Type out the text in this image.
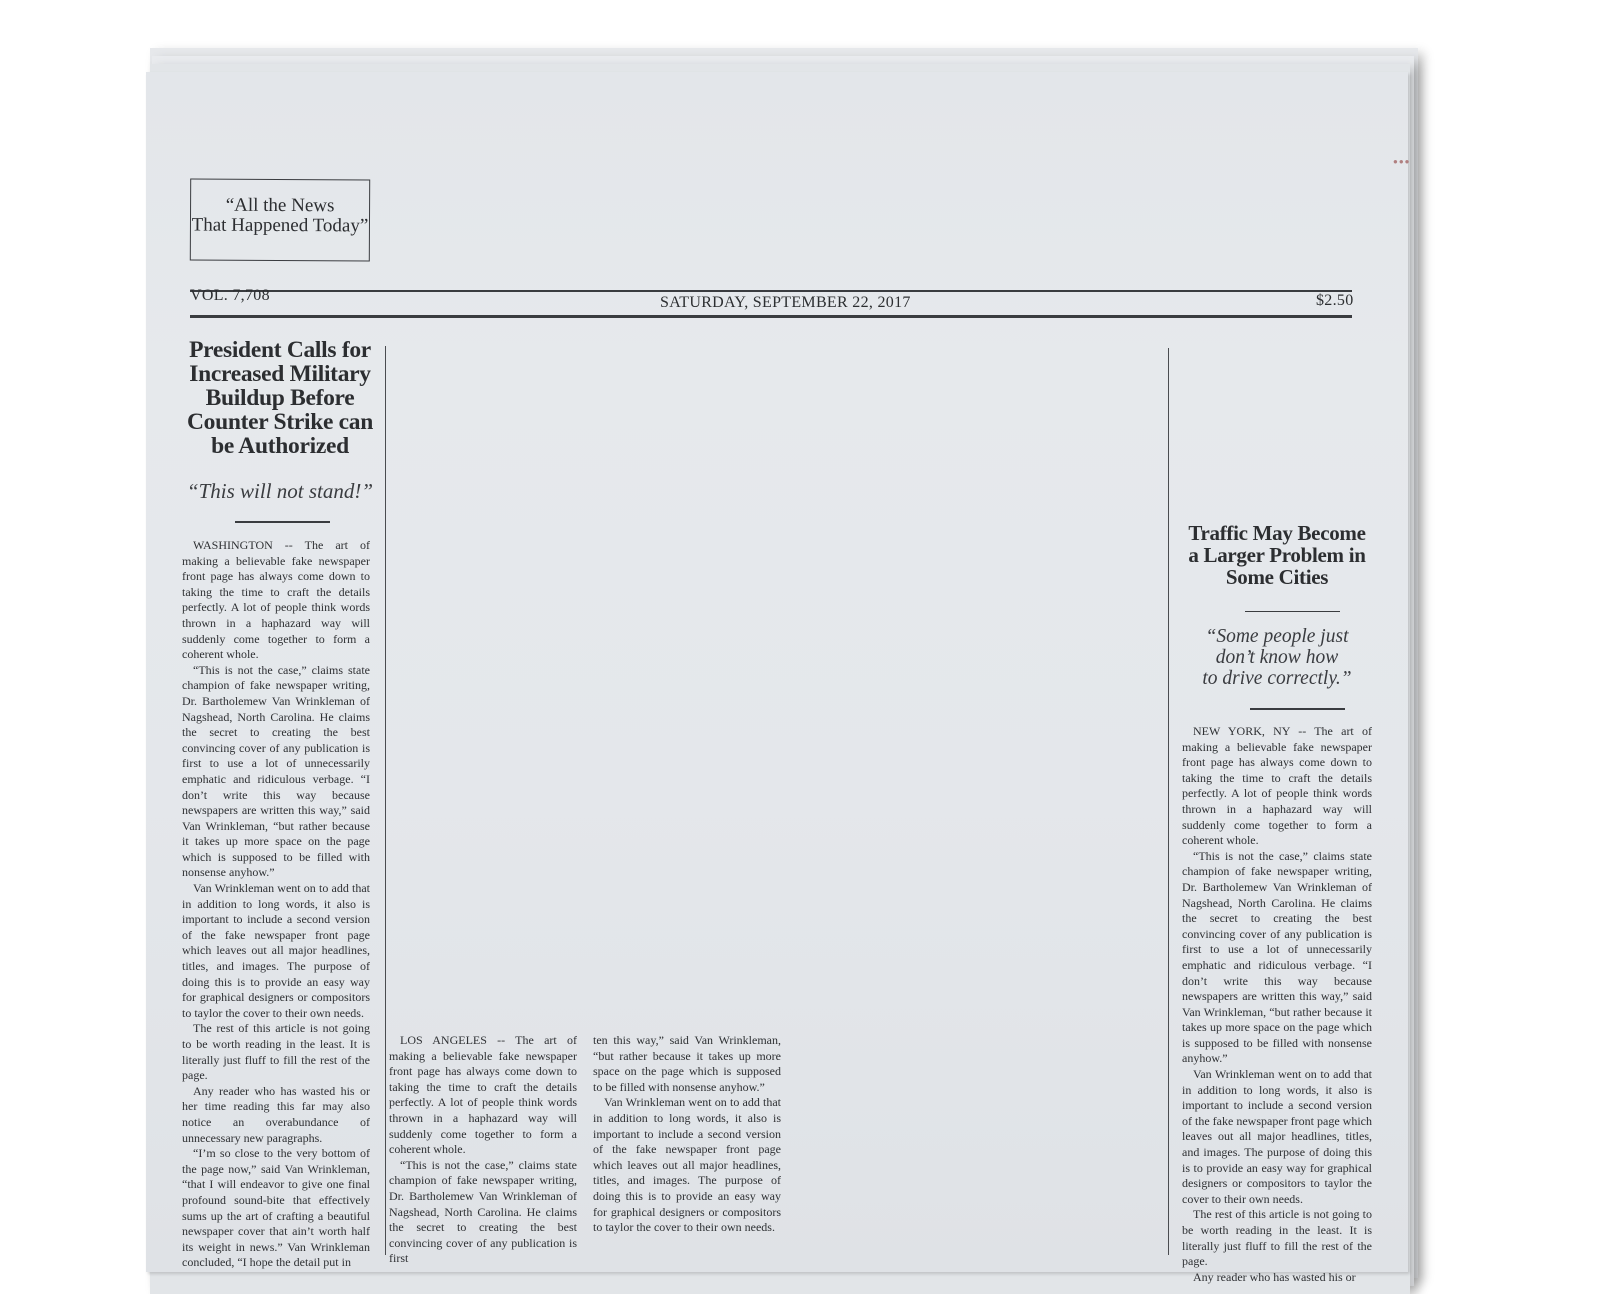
●●●
“All the News
That Happened Today”
VOL. 7,708	SATURDAY, SEPTEMBER 22, 2017	$2.50
President Calls for
Increased Military
Buildup Before
Counter Strike can
be Authorized
“This will not stand!”

WASHINGTON -- The art of making a believable fake newspaper front page has always come down to taking the time to craft the details perfectly. A lot of people think words thrown in a haphazard way will suddenly come together to form a coherent whole.

“This is not the case,” claims state champion of fake newspaper writing, Dr. Bartholemew Van Wrinkleman of Nagshead, North Carolina. He claims the secret to creating the best convincing cover of any publication is first to use a lot of unnecessarily emphatic and ridiculous verbage. “I don’t write this way because newspapers are written this way,” said Van Wrinkleman, “but rather because it takes up more space on the page which is supposed to be filled with nonsense anyhow.”

Van Wrinkleman went on to add that in addition to long words, it also is important to include a second version of the fake newspaper front page which leaves out all major headlines, titles, and images. The purpose of doing this is to provide an easy way for graphical designers or compositors to taylor the cover to their own needs.

The rest of this article is not going to be worth reading in the least. It is literally just fluff to fill the rest of the page.

Any reader who has wasted his or her time reading this far may also notice an overabundance of unnecessary new paragraphs.

“I’m so close to the very bottom of the page now,” said Van Wrinkleman, “that I will endeavor to give one final profound sound-bite that effectively sums up the art of crafting a beautiful newspaper cover that ain’t worth half its weight in news.” Van Wrinkleman concluded, “I hope the detail put in

LOS ANGELES -- The art of making a believable fake newspaper front page has always come down to taking the time to craft the details perfectly. A lot of people think words thrown in a haphazard way will suddenly come together to form a coherent whole.

“This is not the case,” claims state champion of fake newspaper writing, Dr. Bartholemew Van Wrinkleman of Nagshead, North Carolina. He claims the secret to creating the best convincing cover of any publication is first

ten this way,” said Van Wrinkleman, “but rather because it takes up more space on the page which is supposed to be filled with nonsense anyhow.”

Van Wrinkleman went on to add that in addition to long words, it also is important to include a second version of the fake newspaper front page which leaves out all major headlines, titles, and images. The purpose of doing this is to provide an easy way for graphical designers or compositors to taylor the cover to their own needs.

Traffic May Become
a Larger Problem in
Some Cities
“Some people just
don’t know how
to drive correctly.”

NEW YORK, NY -- The art of making a believable fake newspaper front page has always come down to taking the time to craft the details perfectly. A lot of people think words thrown in a haphazard way will suddenly come together to form a coherent whole.

“This is not the case,” claims state champion of fake newspaper writing, Dr. Bartholemew Van Wrinkleman of Nagshead, North Carolina. He claims the secret to creating the best convincing cover of any publication is first to use a lot of unnecessarily emphatic and ridiculous verbage. “I don’t write this way because newspapers are written this way,” said Van Wrinkleman, “but rather because it takes up more space on the page which is supposed to be filled with nonsense anyhow.”

Van Wrinkleman went on to add that in addition to long words, it also is important to include a second version of the fake newspaper front page which leaves out all major headlines, titles, and images. The purpose of doing this is to provide an easy way for graphical designers or compositors to taylor the cover to their own needs.

The rest of this article is not going to be worth reading in the least. It is literally just fluff to fill the rest of the page.

Any reader who has wasted his or
